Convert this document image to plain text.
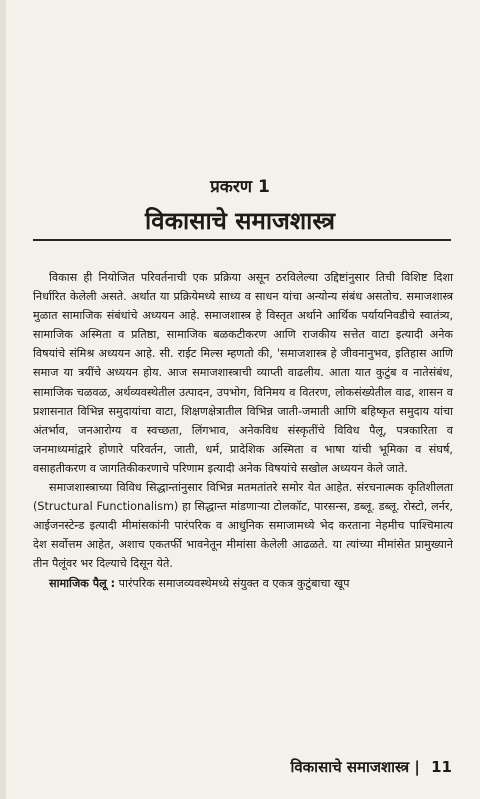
प्रकरण 1
विकासाचे समाजशास्त्र

विकास ही नियोजित परिवर्तनाची एक प्रक्रिया असून ठरविलेल्या उद्दिष्टांनुसार तिची विशिष्ट दिशा निर्धारित केलेली असते. अर्थात या प्रक्रियेमध्ये साध्य व साधन यांचा अन्योन्य संबंध असतोच. समाजशास्त्र मुळात सामाजिक संबंधांचे अध्ययन आहे. समाजशास्त्र हे विस्तृत अर्थाने आर्थिक पर्यायनिवडीचे स्वातंत्र्य, सामाजिक अस्मिता व प्रतिष्ठा, सामाजिक बळकटीकरण आणि राजकीय सत्तेत वाटा इत्यादी अनेक विषयांचे संमिश्र अध्ययन आहे. सी. राईट मिल्स म्हणतो की, 'समाजशास्त्र हे जीवनानुभव, इतिहास आणि समाज या त्रयींचे अध्ययन होय. आज समाजशास्त्राची व्याप्ती वाढलीय. आता यात कुटुंब व नातेसंबंध, सामाजिक चळवळ, अर्थव्यवस्थेतील उत्पादन, उपभोग, विनिमय व वितरण, लोकसंख्येतील वाढ, शासन व प्रशासनात विभिन्न समुदायांचा वाटा, शिक्षणक्षेत्रातील विभिन्न जाती-जमाती आणि बहिष्कृत समुदाय यांचा अंतर्भाव, जनआरोग्य व स्वच्छता, लिंगभाव, अनेकविध संस्कृतींचे विविध पैलू, पत्रकारिता व जनमाध्यमांद्वारे होणारे परिवर्तन, जाती, धर्म, प्रादेशिक अस्मिता व भाषा यांची भूमिका व संघर्ष, वसाहतीकरण व जागतिकीकरणाचे परिणाम इत्यादी अनेक विषयांचे सखोल अध्ययन केले जाते.

समाजशास्त्राच्या विविध सिद्धान्तांनुसार विभिन्न मतमतांतरे समोर येत आहेत. संरचनात्मक कृतिशीलता (Structural Functionalism) हा सिद्धान्त मांडणाऱ्या टोलकॉट, पारसन्स, डब्लू. डब्लू. रोस्टो, लर्नर, आईजनस्टेन्ड इत्यादी मीमांसकांनी पारंपरिक व आधुनिक समाजामध्ये भेद करताना नेहमीच पाश्चिमात्य देश सर्वोत्तम आहेत, अशाच एकतर्फी भावनेतून मीमांसा केलेली आढळते. या त्यांच्या मीमांसेत प्रामुख्याने तीन पैलूंवर भर दिल्याचे दिसून येते.

सामाजिक पैलू : पारंपरिक समाजव्यवस्थेमध्ये संयुक्त व एकत्र कुटुंबाचा खूप

विकासाचे समाजशास्त्र | 11
